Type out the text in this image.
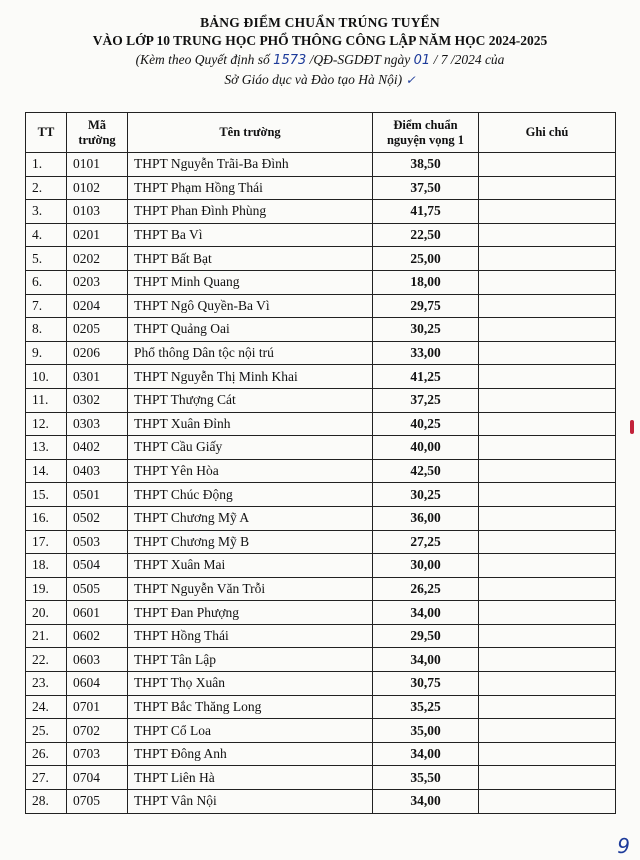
BẢNG ĐIỂM CHUẨN TRÚNG TUYỂN
VÀO LỚP 10 TRUNG HỌC PHỔ THÔNG CÔNG LẬP NĂM HỌC 2024-2025
(Kèm theo Quyết định số 1573 /QĐ-SGDĐT ngày 01 / 7 /2024 của
Sở Giáo dục và Đào tạo Hà Nội) ✓
TT	Mã trường	Tên trường	Điểm chuẩn nguyện vọng 1	Ghi chú
1.	0101	THPT Nguyễn Trãi-Ba Đình	38,50	
2.	0102	THPT Phạm Hồng Thái	37,50	
3.	0103	THPT Phan Đình Phùng	41,75	
4.	0201	THPT Ba Vì	22,50	
5.	0202	THPT Bất Bạt	25,00	
6.	0203	THPT Minh Quang	18,00	
7.	0204	THPT Ngô Quyền-Ba Vì	29,75	
8.	0205	THPT Quảng Oai	30,25	
9.	0206	Phổ thông Dân tộc nội trú	33,00	
10.	0301	THPT Nguyễn Thị Minh Khai	41,25	
11.	0302	THPT Thượng Cát	37,25	
12.	0303	THPT Xuân Đỉnh	40,25	
13.	0402	THPT Cầu Giấy	40,00	
14.	0403	THPT Yên Hòa	42,50	
15.	0501	THPT Chúc Động	30,25	
16.	0502	THPT Chương Mỹ A	36,00	
17.	0503	THPT Chương Mỹ B	27,25	
18.	0504	THPT Xuân Mai	30,00	
19.	0505	THPT Nguyễn Văn Trỗi	26,25	
20.	0601	THPT Đan Phượng	34,00	
21.	0602	THPT Hồng Thái	29,50	
22.	0603	THPT Tân Lập	34,00	
23.	0604	THPT Thọ Xuân	30,75	
24.	0701	THPT Bắc Thăng Long	35,25	
25.	0702	THPT Cổ Loa	35,00	
26.	0703	THPT Đông Anh	34,00	
27.	0704	THPT Liên Hà	35,50	
28.	0705	THPT Vân Nội	34,00	
9
